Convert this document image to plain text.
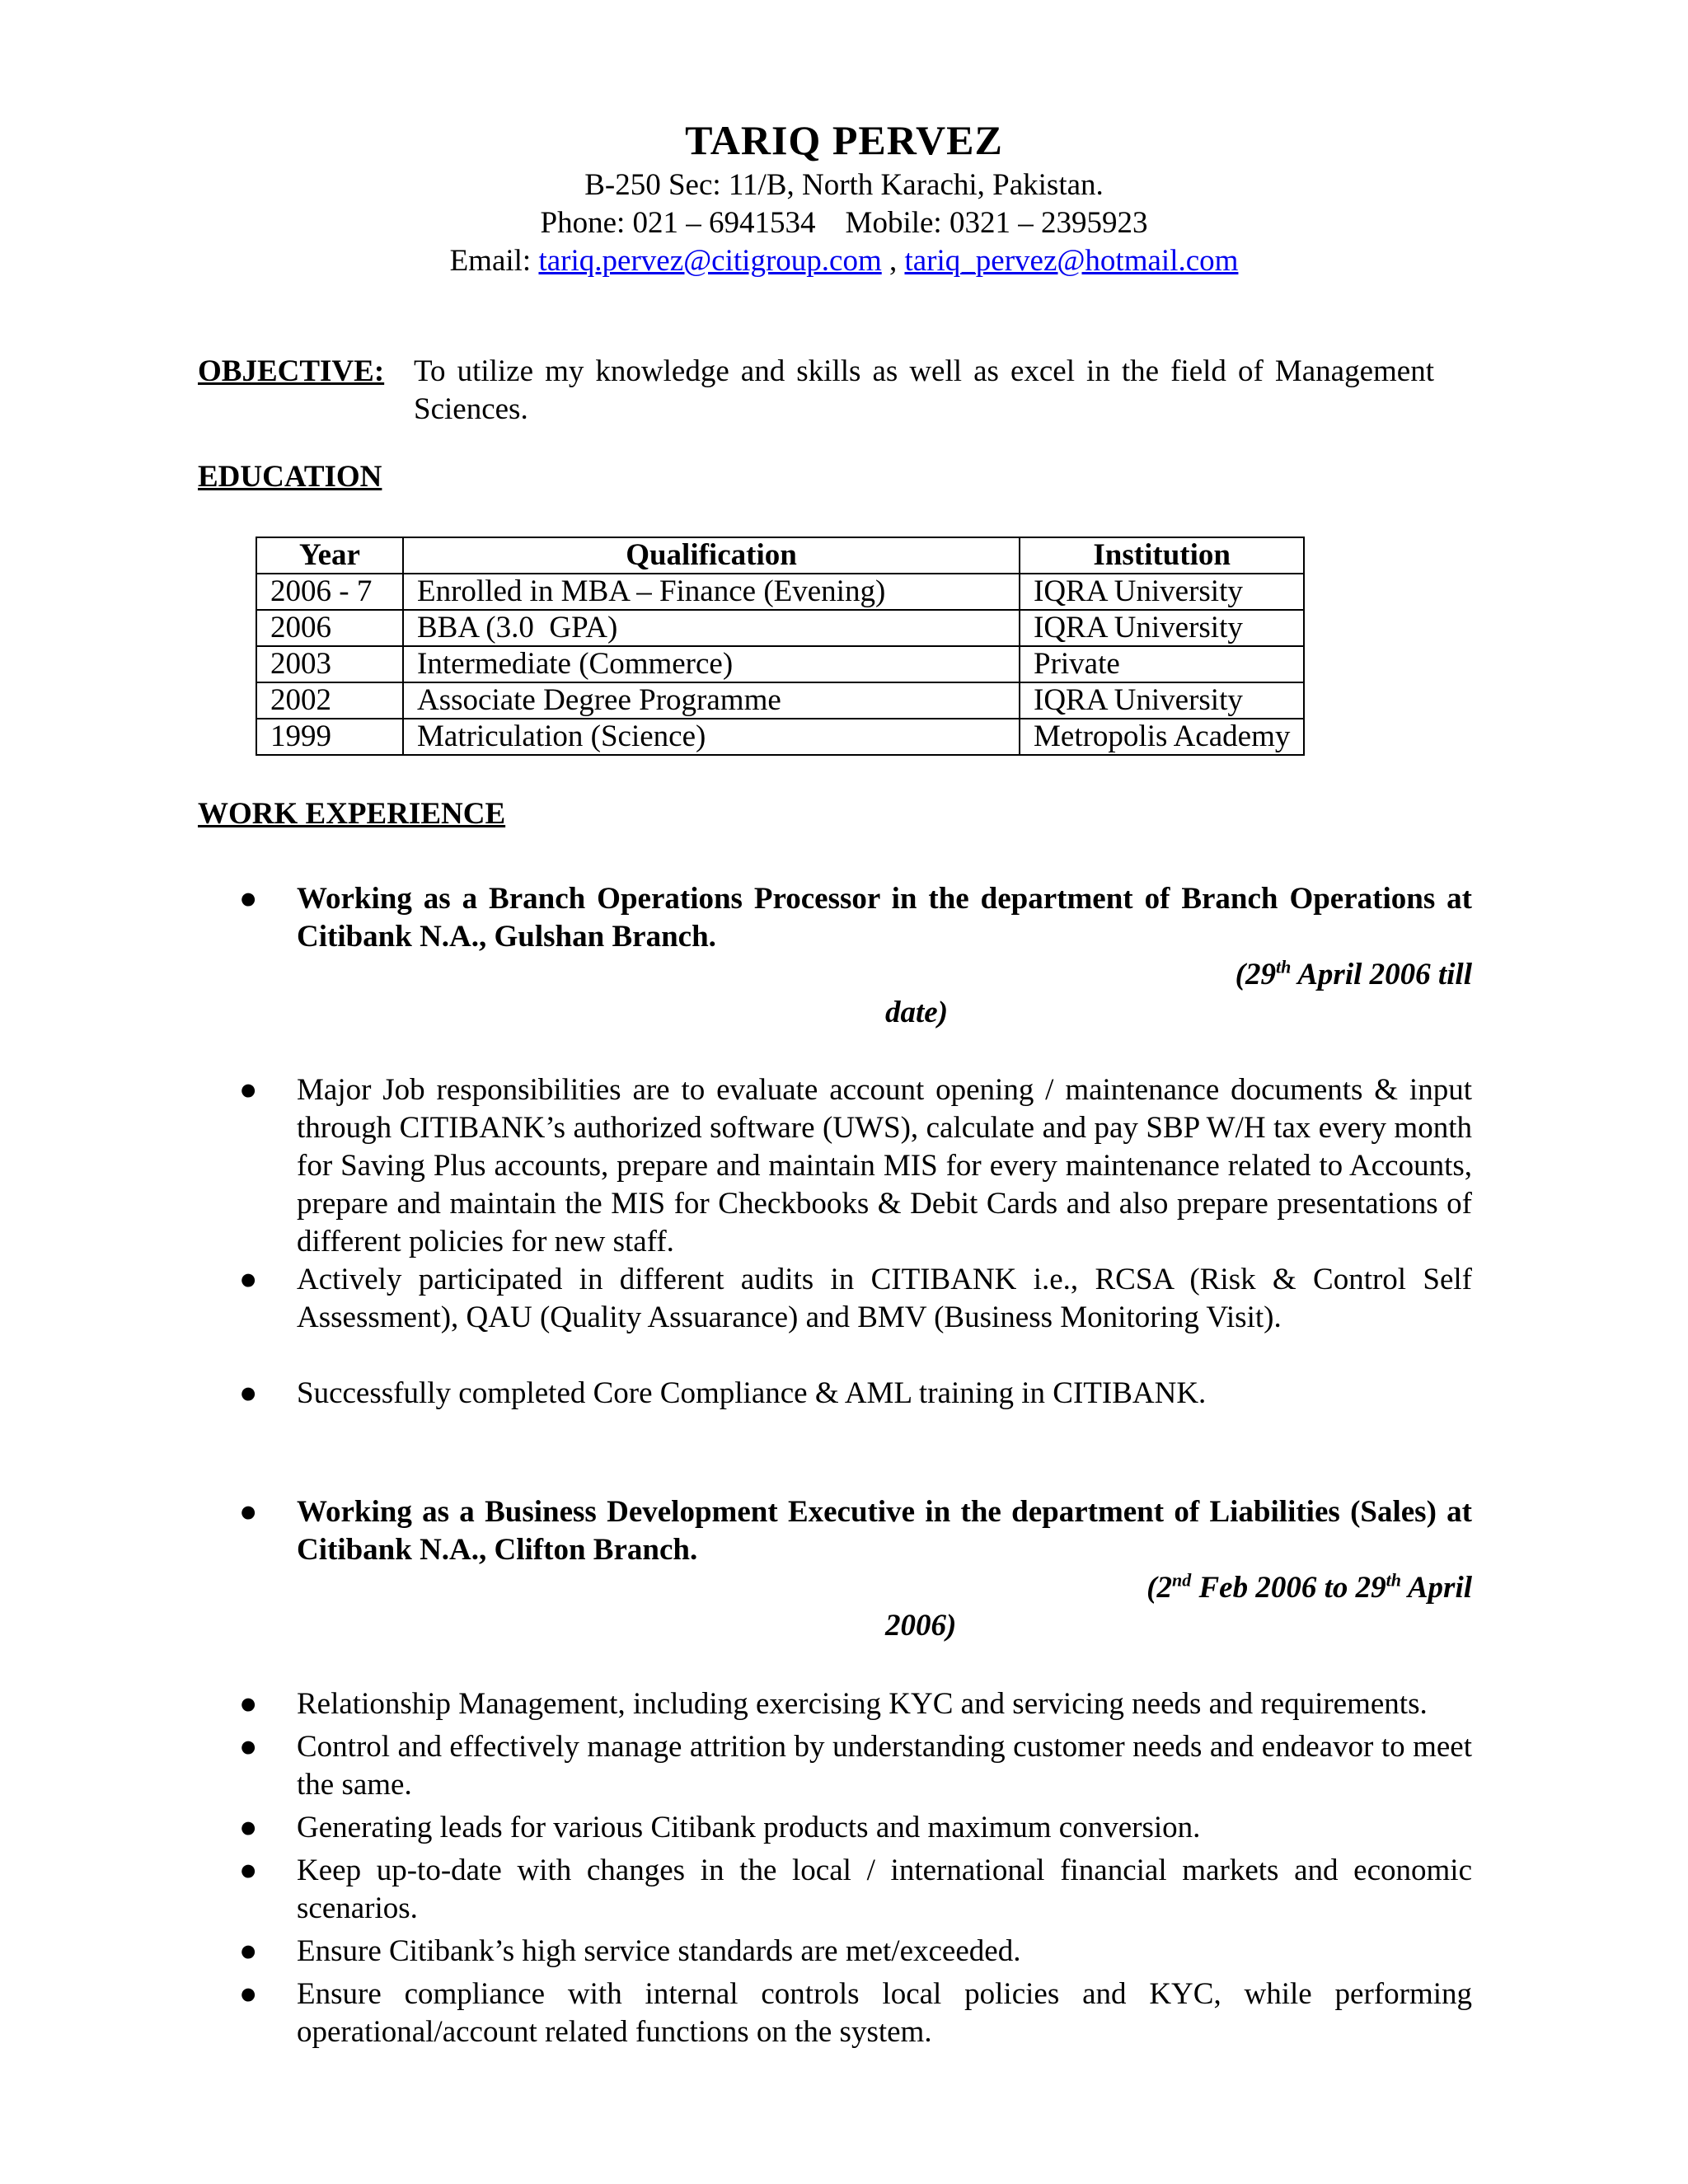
TARIQ PERVEZ
B-250 Sec: 11/B, North Karachi, Pakistan.
Phone: 021 – 6941534 Mobile: 0321 – 2395923
Email: tariq.pervez@citigroup.com , tariq_pervez@hotmail.com
OBJECTIVE: To utilize my knowledge and skills as well as excel in the field of Management Sciences.
EDUCATION
Year	Qualification	Institution
2006 - 7	Enrolled in MBA – Finance (Evening)	IQRA University
2006	BBA (3.0  GPA)	IQRA University
2003	Intermediate (Commerce)	Private
2002	Associate Degree Programme	IQRA University
1999	Matriculation (Science)	Metropolis Academy
WORK EXPERIENCE
● Working as a Branch Operations Processor in the department of Branch Operations at Citibank N.A., Gulshan Branch.
(29th April 2006 till
date)
● Major Job responsibilities are to evaluate account opening / maintenance documents & input through CITIBANK’s authorized software (UWS), calculate and pay SBP W/H tax every month for Saving Plus accounts, prepare and maintain MIS for every maintenance related to Accounts, prepare and maintain the MIS for Checkbooks & Debit Cards and also prepare presentations of different policies for new staff.
● Actively participated in different audits in CITIBANK i.e., RCSA (Risk & Control Self Assessment), QAU (Quality Assuarance) and BMV (Business Monitoring Visit).
● Successfully completed Core Compliance & AML training in CITIBANK.
● Working as a Business Development Executive in the department of Liabilities (Sales) at Citibank N.A., Clifton Branch.
(2nd Feb 2006 to 29th April
2006)
● Relationship Management, including exercising KYC and servicing needs and requirements.
● Control and effectively manage attrition by understanding customer needs and endeavor to meet the same.
● Generating leads for various Citibank products and maximum conversion.
● Keep up-to-date with changes in the local / international financial markets and economic scenarios.
● Ensure Citibank’s high service standards are met/exceeded.
● Ensure compliance with internal controls local policies and KYC, while performing operational/account related functions on the system.
